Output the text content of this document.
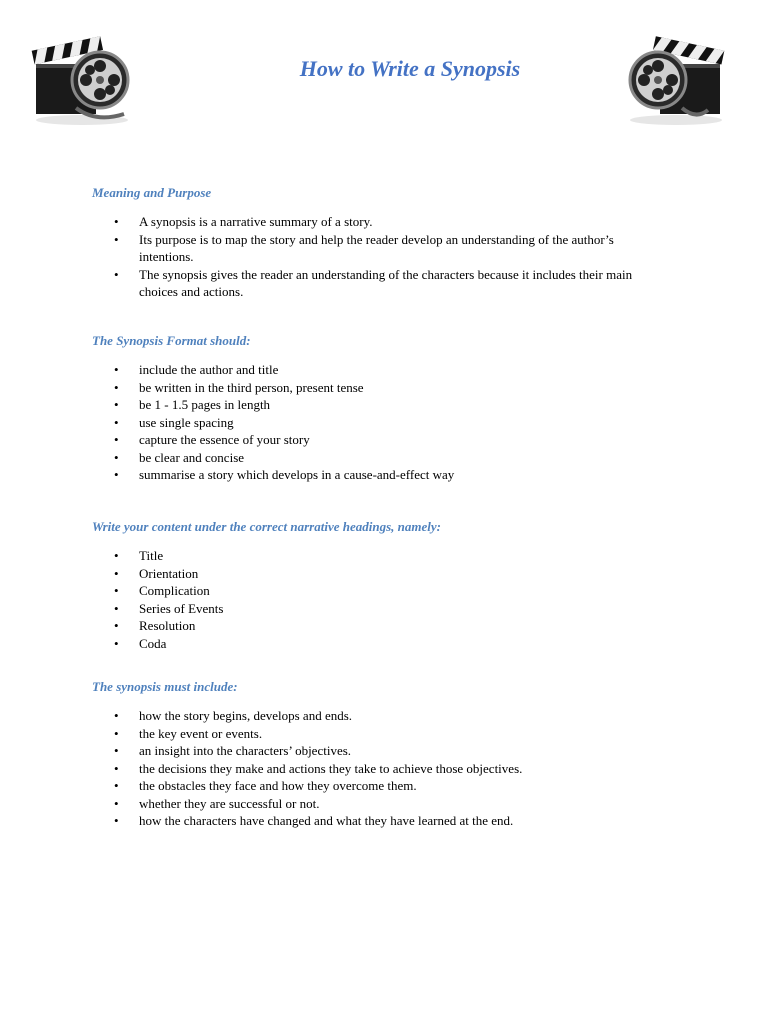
How to Write a Synopsis

Meaning and Purpose

• A synopsis is a narrative summary of a story.
• Its purpose is to map the story and help the reader develop an understanding of the author’s intentions.
• The synopsis gives the reader an understanding of the characters because it includes their main choices and actions.

The Synopsis Format should:

• include the author and title
• be written in the third person, present tense
• be 1 - 1.5 pages in length
• use single spacing
• capture the essence of your story
• be clear and concise
• summarise a story which develops in a cause-and-effect way

Write your content under the correct narrative headings, namely:

• Title
• Orientation
• Complication
• Series of Events
• Resolution
• Coda

The synopsis must include:

• how the story begins, develops and ends.
• the key event or events.
• an insight into the characters’ objectives.
• the decisions they make and actions they take to achieve those objectives.
• the obstacles they face and how they overcome them.
• whether they are successful or not.
• how the characters have changed and what they have learned at the end.
